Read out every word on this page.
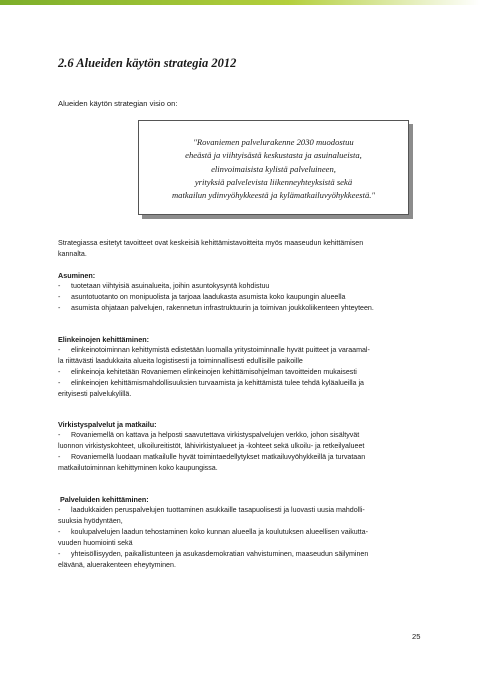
2.6 Alueiden käytön strategia 2012

Alueiden käytön strategian visio on:

"Rovaniemen palvelurakenne 2030 muodostuu
eheästä ja viihtyisästä keskustasta ja asuinalueista,
elinvoimaisista kylistä palveluineen,
yrityksiä palvelevista liikenneyhteyksistä sekä
matkailun ydinvyöhykkeestä ja kylämatkailuvyöhykkeestä."
Strategiassa esitetyt tavoitteet ovat keskeisiä kehittämistavoitteita myös maaseudun kehittämisen
kannalta.
Asuminen:
- tuotetaan viihtyisiä asuinalueita, joihin asuntokysyntä kohdistuu
- asuntotuotanto on monipuolista ja tarjoaa laadukasta asumista koko kaupungin alueella
- asumista ohjataan palvelujen, rakennetun infrastruktuurin ja toimivan joukkoliikenteen yhteyteen.
Elinkeinojen kehittäminen:
- elinkeinotoiminnan kehittymistä edistetään luomalla yritystoiminnalle hyvät puitteet ja varaamal-
la riittävästi laadukkaita alueita logistisesti ja toiminnallisesti edullisille paikoille
- elinkeinoja kehitetään Rovaniemen elinkeinojen kehittämisohjelman tavoitteiden mukaisesti
- elinkeinojen kehittämismahdollisuuksien turvaamista ja kehittämistä tulee tehdä kyläalueilla ja
erityisesti palvelukylillä.
Virkistyspalvelut ja matkailu:
- Rovaniemellä on kattava ja helposti saavutettava virkistyspalvelujen verkko, johon sisältyvät
luonnon virkistyskohteet, ulkoilureitistöt, lähivirkistyalueet ja -kohteet sekä ulkoilu- ja retkeilyalueet
- Rovaniemellä luodaan matkailulle hyvät toimintaedellytykset matkailuvyöhykkeillä ja turvataan
matkailutoiminnan kehittyminen koko kaupungissa.
Palveluiden kehittäminen:
- laadukkaiden peruspalvelujen tuottaminen asukkaille tasapuolisesti ja luovasti uusia mahdolli-
suuksia hyödyntäen,
- koulupalvelujen laadun tehostaminen koko kunnan alueella ja koulutuksen alueellisen vaikutta-
vuuden huomiointi sekä
- yhteisöllisyyden, paikallistunteen ja asukasdemokratian vahvistuminen, maaseudun säilyminen
elävänä, aluerakenteen eheytyminen.
25
